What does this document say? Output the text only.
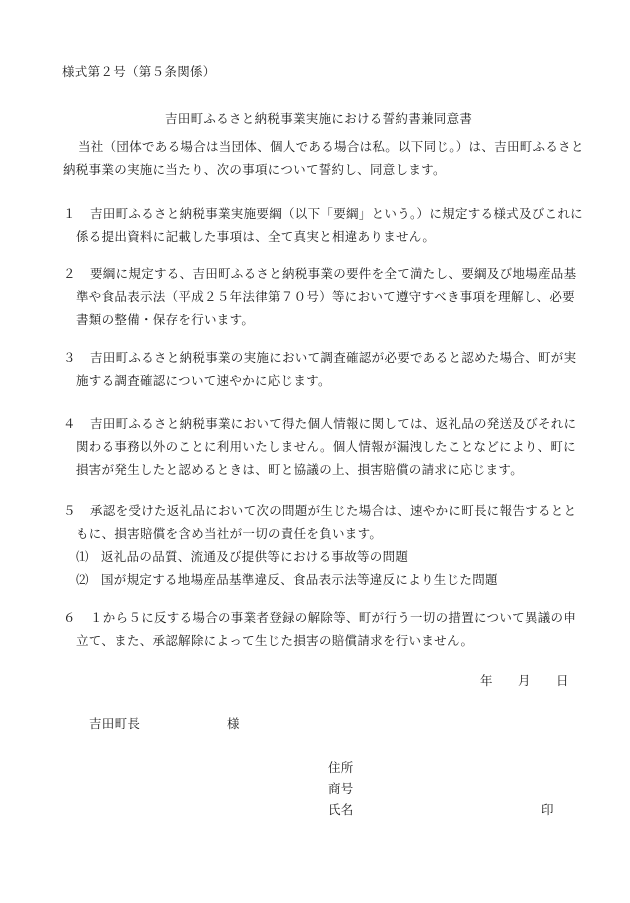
様式第２号（第５条関係）
吉田町ふるさと納税事業実施における誓約書兼同意書
当社（団体である場合は当団体、個人である場合は私。以下同じ。）は、吉田町ふるさと
納税事業の実施に当たり、次の事項について誓約し、同意します。
１ 吉田町ふるさと納税事業実施要綱（以下「要綱」という。）に規定する様式及びこれに
係る提出資料に記載した事項は、全て真実と相違ありません。
２ 要綱に規定する、吉田町ふるさと納税事業の要件を全て満たし、要綱及び地場産品基
準や食品表示法（平成２５年法律第７０号）等において遵守すべき事項を理解し、必要
書類の整備・保存を行います。
３ 吉田町ふるさと納税事業の実施において調査確認が必要であると認めた場合、町が実
施する調査確認について速やかに応じます。
４ 吉田町ふるさと納税事業において得た個人情報に関しては、返礼品の発送及びそれに
関わる事務以外のことに利用いたしません。個人情報が漏洩したことなどにより、町に
損害が発生したと認めるときは、町と協議の上、損害賠償の請求に応じます。
５ 承認を受けた返礼品において次の問題が生じた場合は、速やかに町長に報告するとと
もに、損害賠償を含め当社が一切の責任を負います。
⑴ 返礼品の品質、流通及び提供等における事故等の問題
⑵ 国が規定する地場産品基準違反、食品表示法等違反により生じた問題
６ １から５に反する場合の事業者登録の解除等、町が行う一切の措置について異議の申
立て、また、承認解除によって生じた損害の賠償請求を行いません。
年 月 日
吉田町長	様
住所
商号
氏名	印
